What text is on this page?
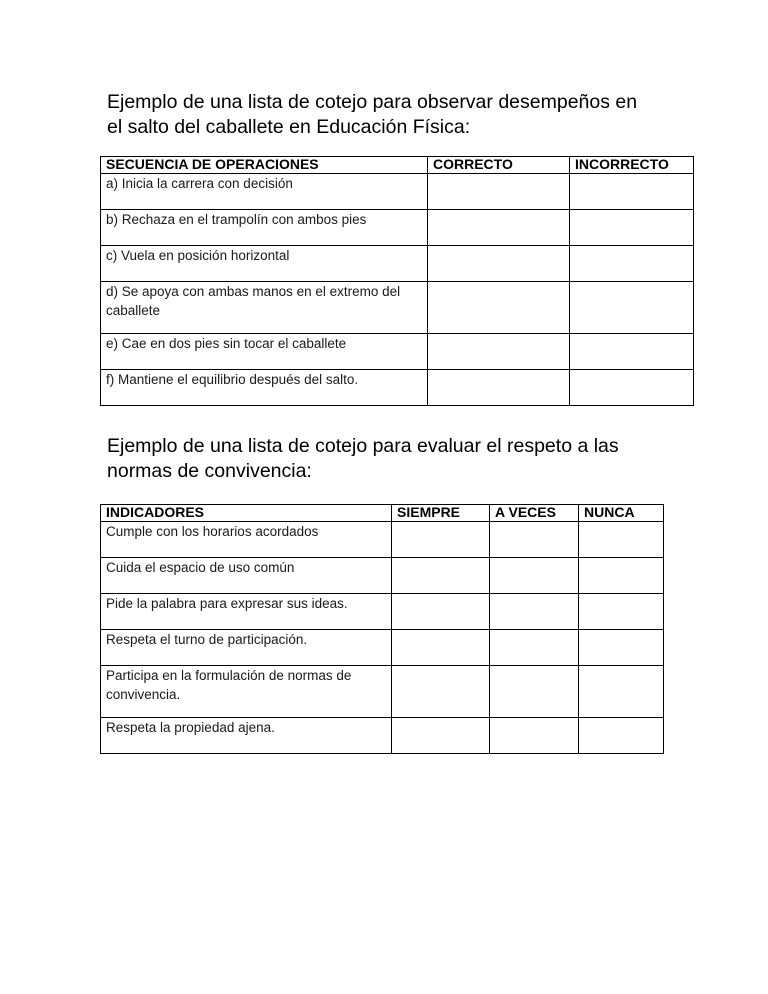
Ejemplo de una lista de cotejo para observar desempeños en
el salto del caballete en Educación Física:
SECUENCIA DE OPERACIONES	CORRECTO	INCORRECTO
a) Inicia la carrera con decisión		
b) Rechaza en el trampolín con ambos pies		
c) Vuela en posición horizontal		
d) Se apoya con ambas manos en el extremo del caballete		
e) Cae en dos pies sin tocar el caballete		
f) Mantiene el equilibrio después del salto.		
Ejemplo de una lista de cotejo para evaluar el respeto a las
normas de convivencia:
INDICADORES	SIEMPRE	A VECES	NUNCA
Cumple con los horarios acordados			
Cuida el espacio de uso común			
Pide la palabra para expresar sus ideas.			
Respeta el turno de participación.			
Participa en la formulación de normas de convivencia.			
Respeta la propiedad ajena.			
